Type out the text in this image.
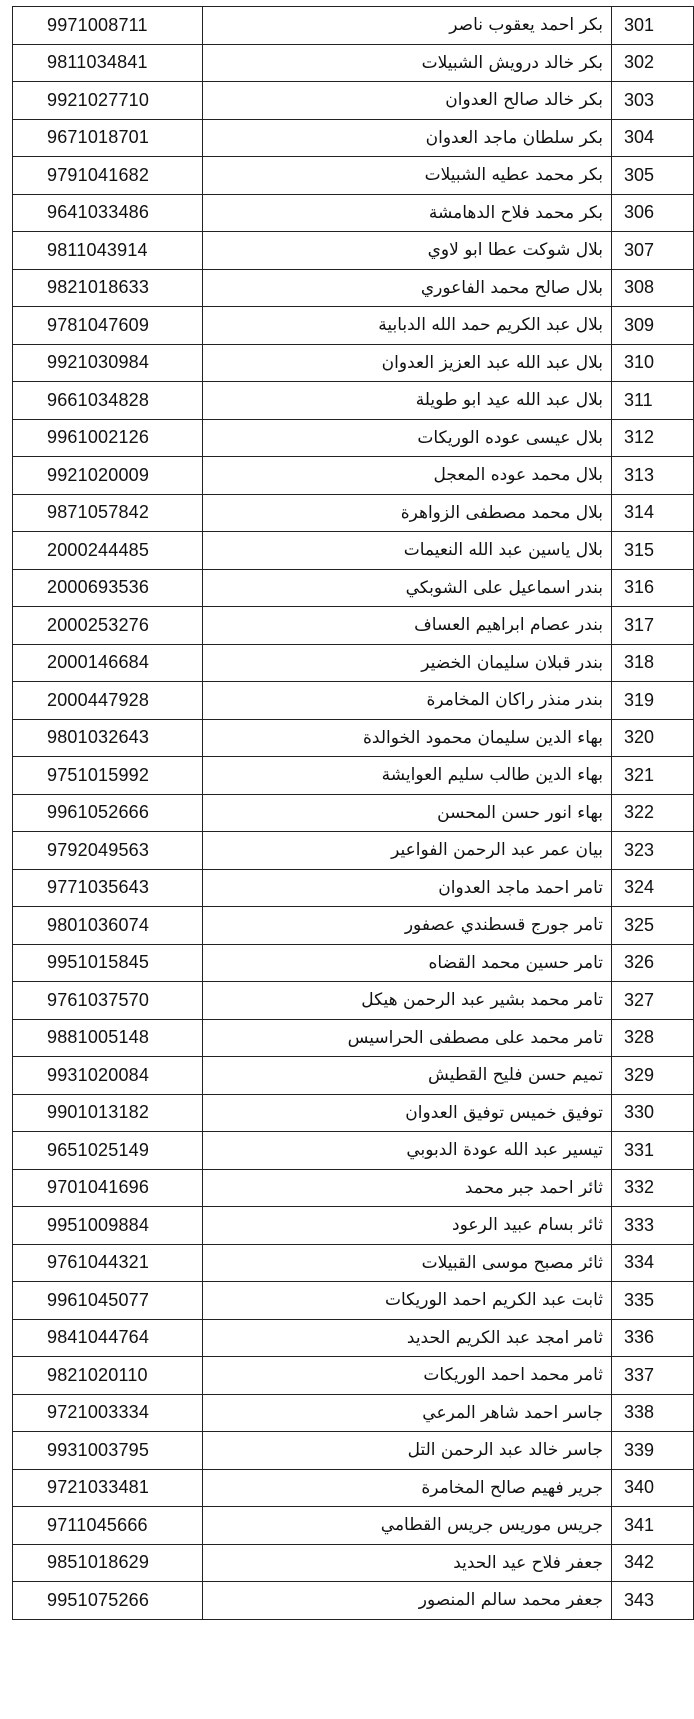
9971008711	بكر احمد يعقوب ناصر	301
9811034841	بكر خالد درويش الشبيلات	302
9921027710	بكر خالد صالح العدوان	303
9671018701	بكر سلطان ماجد العدوان	304
9791041682	بكر محمد عطيه الشبيلات	305
9641033486	بكر محمد فلاح الدهامشة	306
9811043914	بلال شوكت عطا ابو لاوي	307
9821018633	بلال صالح محمد الفاعوري	308
9781047609	بلال عبد الكريم حمد الله الدبابية	309
9921030984	بلال عبد الله عبد العزيز العدوان	310
9661034828	بلال عبد الله عيد ابو طويلة	311
9961002126	بلال عيسى عوده الوريكات	312
9921020009	بلال محمد عوده المعجل	313
9871057842	بلال محمد مصطفى الزواهرة	314
2000244485	بلال ياسين عبد الله النعيمات	315
2000693536	بندر اسماعيل على الشوبكي	316
2000253276	بندر عصام ابراهيم العساف	317
2000146684	بندر قبلان سليمان الخضير	318
2000447928	بندر منذر راكان المخامرة	319
9801032643	بهاء الدين سليمان محمود الخوالدة	320
9751015992	بهاء الدين طالب سليم العوايشة	321
9961052666	بهاء انور حسن المحسن	322
9792049563	بيان عمر عبد الرحمن الفواعير	323
9771035643	تامر احمد ماجد العدوان	324
9801036074	تامر جورج قسطندي عصفور	325
9951015845	تامر حسين محمد القضاه	326
9761037570	تامر محمد بشير عبد الرحمن هيكل	327
9881005148	تامر محمد على مصطفى الحراسيس	328
9931020084	تميم حسن فليح القطيش	329
9901013182	توفيق خميس توفيق العدوان	330
9651025149	تيسير عبد الله عودة الدبوبي	331
9701041696	ثائر احمد جبر محمد	332
9951009884	ثائر بسام عبيد الرعود	333
9761044321	ثائر مصبح موسى القبيلات	334
9961045077	ثابت عبد الكريم احمد الوريكات	335
9841044764	ثامر امجد عبد الكريم الحديد	336
9821020110	ثامر محمد احمد الوريكات	337
9721003334	جاسر احمد شاهر المرعي	338
9931003795	جاسر خالد عبد الرحمن التل	339
9721033481	جرير فهيم صالح المخامرة	340
9711045666	جريس موريس جريس القطامي	341
9851018629	جعفر فلاح عيد الحديد	342
9951075266	جعفر محمد سالم المنصور	343
